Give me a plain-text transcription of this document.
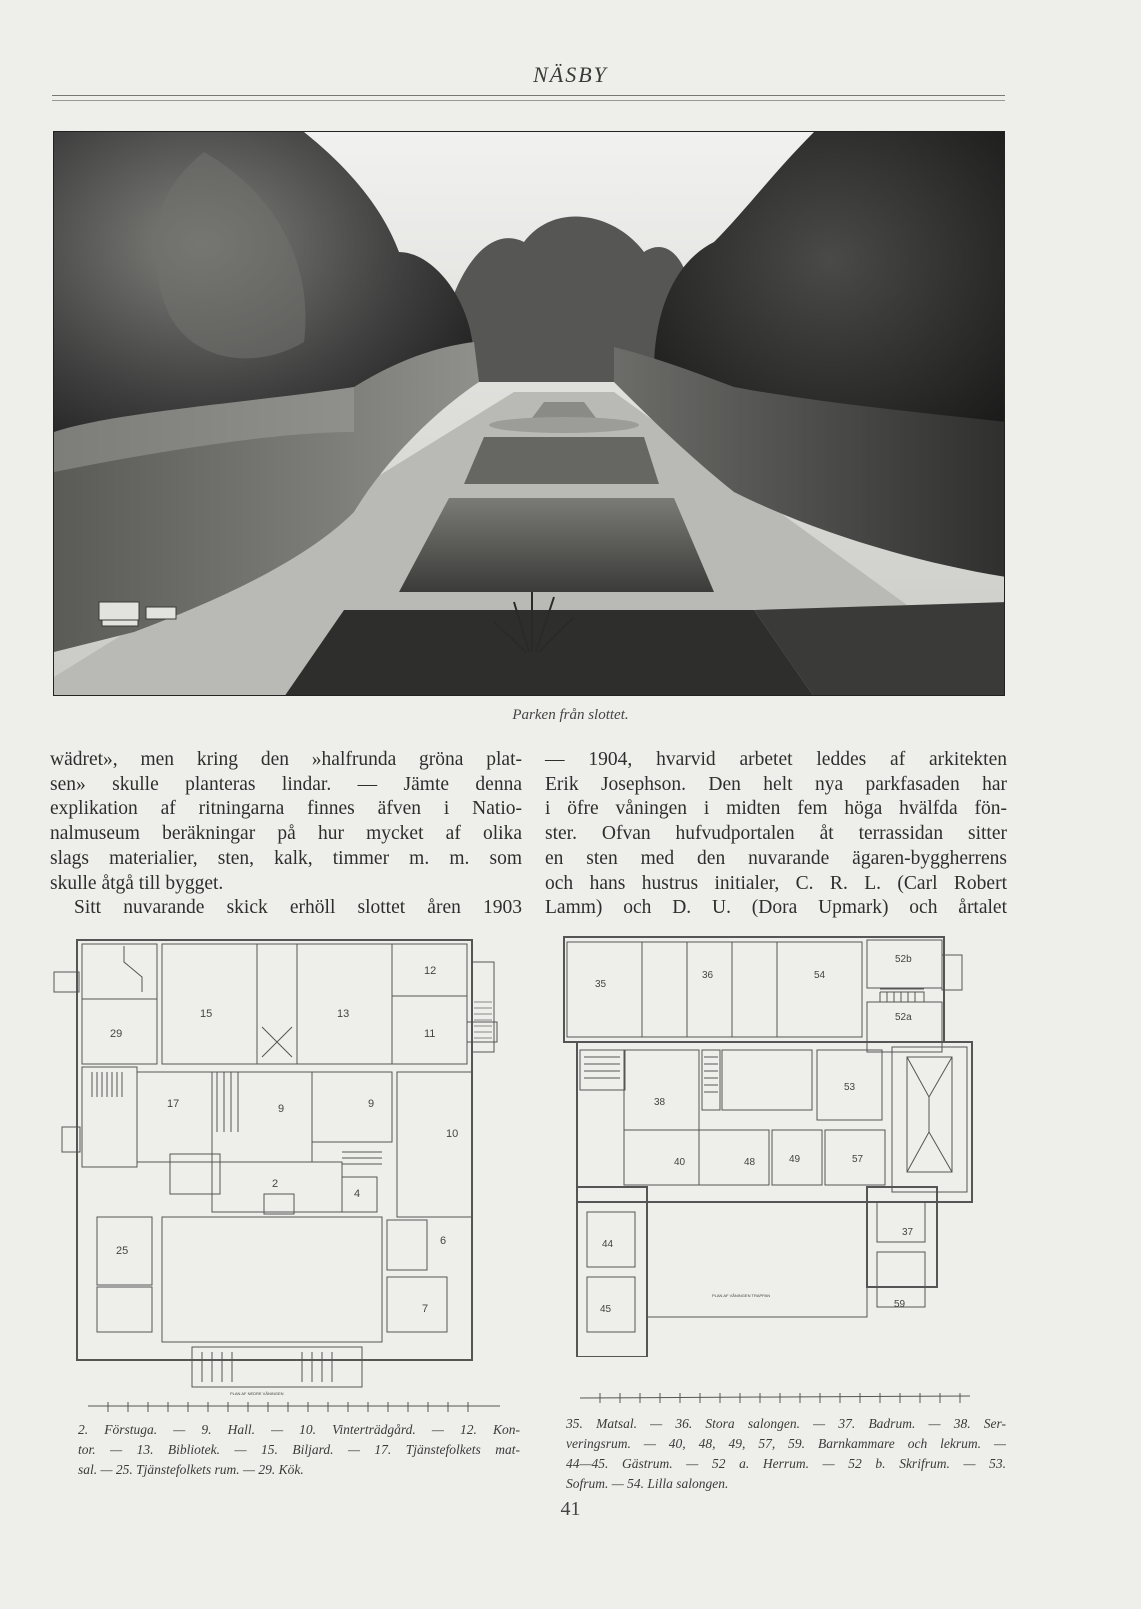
NÄSBY
Parken från slottet.
wädret», men kring den »halfrunda gröna plat-
sen» skulle planteras lindar. — Jämte denna
explikation af ritningarna finnes äfven i Natio-
nalmuseum beräkningar på hur mycket af olika
slags materialier, sten, kalk, timmer m. m. som
skulle åtgå till bygget.
Sitt nuvarande skick erhöll slottet åren 1903
— 1904, hvarvid arbetet leddes af arkitekten
Erik Josephson. Den helt nya parkfasaden har
i öfre våningen i midten fem höga hvälfda fön-
ster. Ofvan hufvudportalen åt terrassidan sitter
en sten med den nuvarande ägaren-byggherrens
och hans hustrus initialer, C. R. L. (Carl Robert
Lamm) och D. U. (Dora Upmark) och årtalet
29
15	13
12
11
17	9	9
10
2
4
6
25
7
PLAN AF NEDRE VÅNINGEN
35
36	54
52b
52a
38
53
40	48	49	57
37
44
45	59
PLAN AF VÅNINGEN TRAPPAN
2. Förstuga. — 9. Hall. — 10. Vinterträdgård. — 12. Kon-
tor. — 13. Bibliotek. — 15. Biljard. — 17. Tjänstefolkets mat-
sal. — 25. Tjänstefolkets rum. — 29. Kök.
35. Matsal. — 36. Stora salongen. — 37. Badrum. — 38. Ser-
veringsrum. — 40, 48, 49, 57, 59. Barnkammare och lekrum. —
44—45. Gästrum. — 52 a. Herrum. — 52 b. Skrifrum. — 53.
Sofrum. — 54. Lilla salongen.
41
